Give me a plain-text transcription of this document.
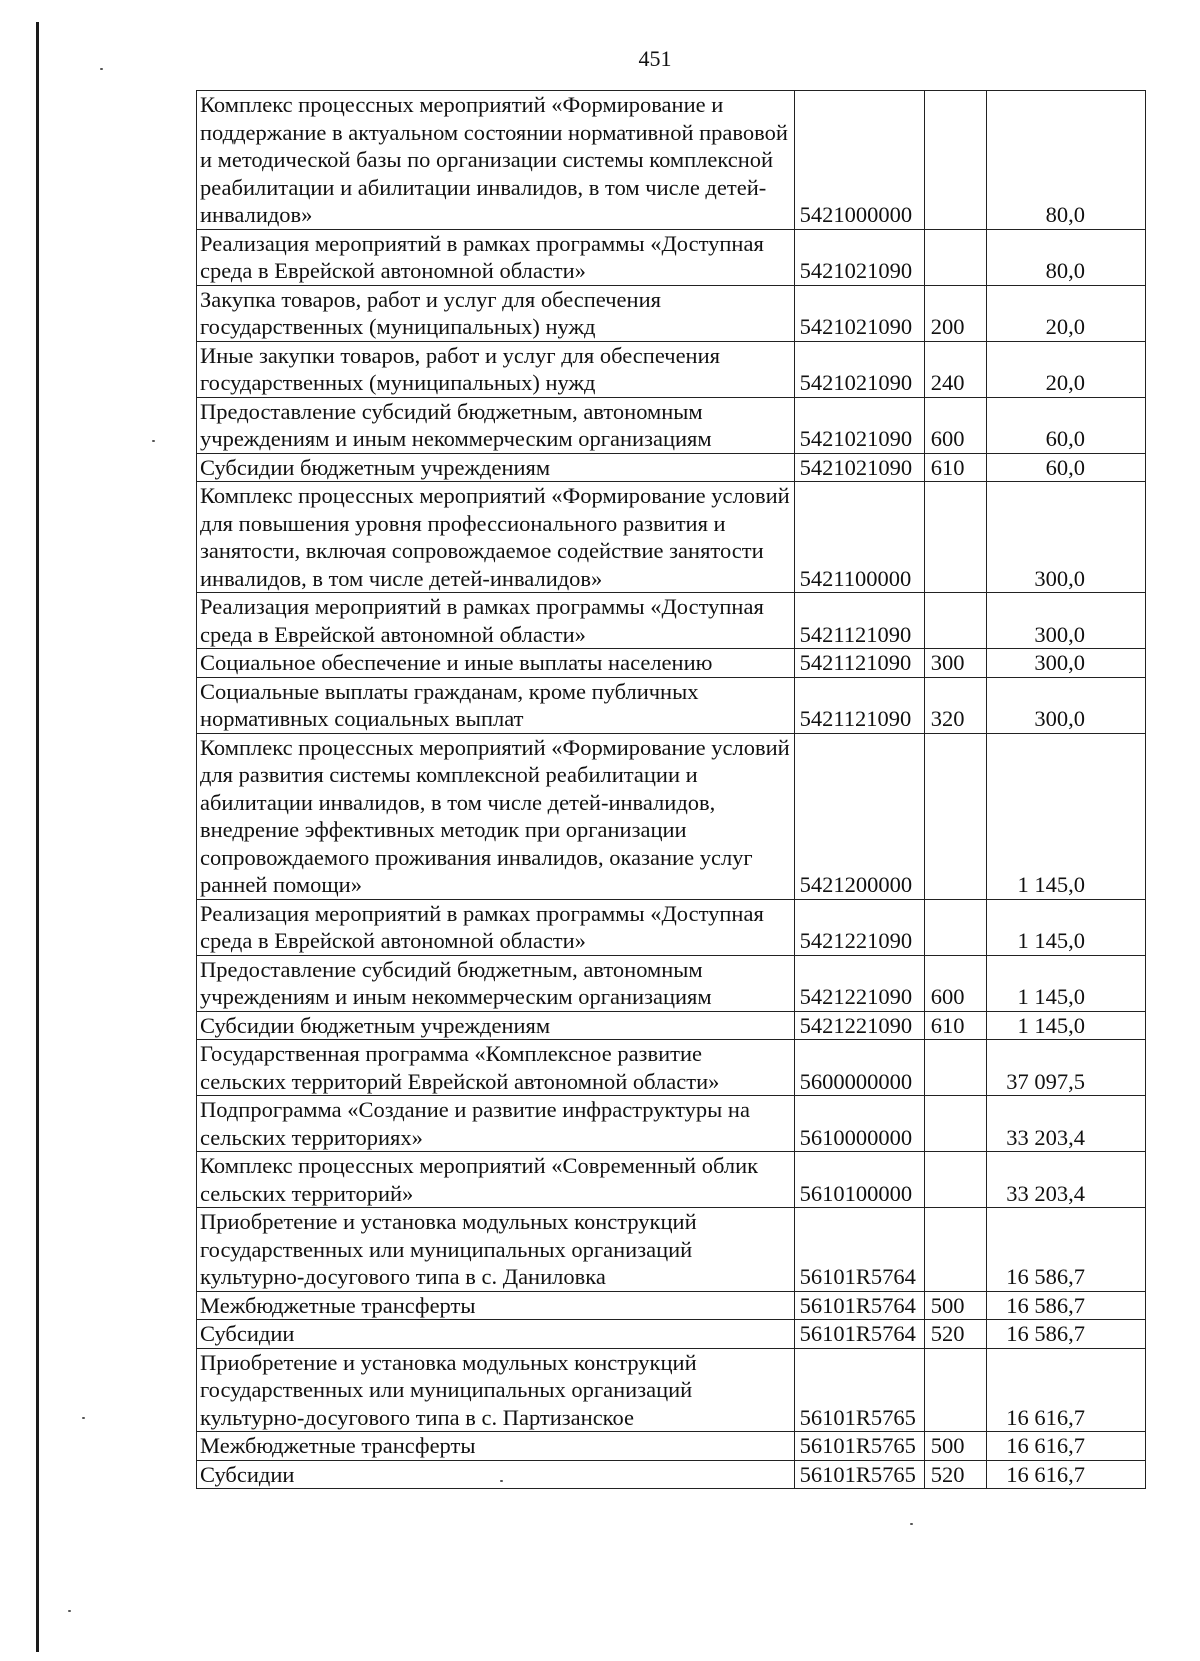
451
Комплекс процессных мероприятий «Формирование и поддержание в актуальном состоянии нормативной правовой и методической базы по организации системы комплексной реабилитации и абилитации инвалидов, в том числе детей-инвалидов»	5421000000		80,0
Реализация мероприятий в рамках программы «Доступная среда в Еврейской автономной области»	5421021090		80,0
Закупка товаров, работ и услуг для обеспечения государственных (муниципальных) нужд	5421021090	200	20,0
Иные закупки товаров, работ и услуг для обеспечения государственных (муниципальных) нужд	5421021090	240	20,0
Предоставление субсидий бюджетным, автономным учреждениям и иным некоммерческим организациям	5421021090	600	60,0
Субсидии бюджетным учреждениям	5421021090	610	60,0
Комплекс процессных мероприятий «Формирование условий для повышения уровня профессионального развития и занятости, включая сопровождаемое содействие занятости инвалидов, в том числе детей-инвалидов»	5421100000		300,0
Реализация мероприятий в рамках программы «Доступная среда в Еврейской автономной области»	5421121090		300,0
Социальное обеспечение и иные выплаты населению	5421121090	300	300,0
Социальные выплаты гражданам, кроме публичных нормативных социальных выплат	5421121090	320	300,0
Комплекс процессных мероприятий «Формирование условий для развития системы комплексной реабилитации и абилитации инвалидов, в том числе детей-инвалидов, внедрение эффективных методик при организации сопровождаемого проживания инвалидов, оказание услуг ранней помощи»	5421200000		1 145,0
Реализация мероприятий в рамках программы «Доступная среда в Еврейской автономной области»	5421221090		1 145,0
Предоставление субсидий бюджетным, автономным учреждениям и иным некоммерческим организациям	5421221090	600	1 145,0
Субсидии бюджетным учреждениям	5421221090	610	1 145,0
Государственная программа «Комплексное развитие сельских территорий Еврейской автономной области»	5600000000		37 097,5
Подпрограмма «Создание и развитие инфраструктуры на сельских территориях»	5610000000		33 203,4
Комплекс процессных мероприятий «Современный облик сельских территорий»	5610100000		33 203,4
Приобретение и установка модульных конструкций государственных или муниципальных организаций культурно-досугового типа в с. Даниловка	56101R5764		16 586,7
Межбюджетные трансферты	56101R5764	500	16 586,7
Субсидии	56101R5764	520	16 586,7
Приобретение и установка модульных конструкций государственных или муниципальных организаций культурно-досугового типа в с. Партизанское	56101R5765		16 616,7
Межбюджетные трансферты	56101R5765	500	16 616,7
Субсидии	56101R5765	520	16 616,7
